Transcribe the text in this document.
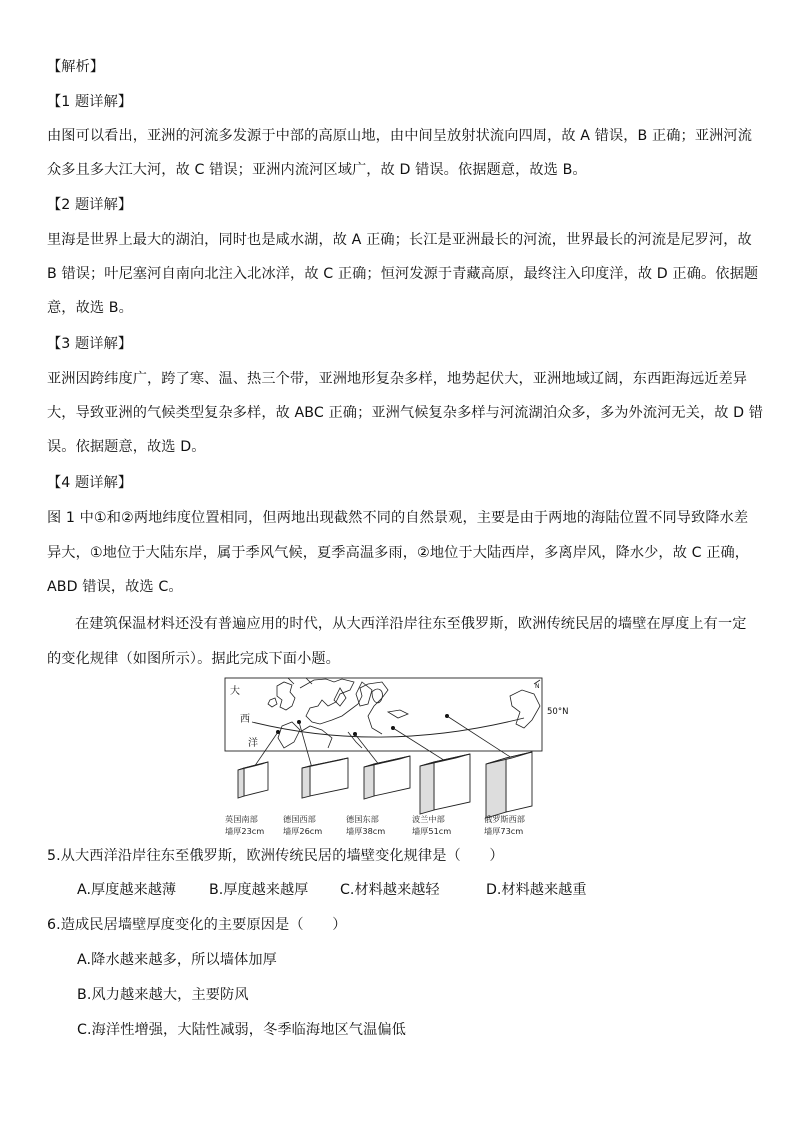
【解析】
【1 题详解】
由图可以看出，亚洲的河流多发源于中部的高原山地，由中间呈放射状流向四周，故 A 错误，B 正确；亚洲河流
众多且多大江大河，故 C 错误；亚洲内流河区域广，故 D 错误。依据题意，故选 B。
【2 题详解】
里海是世界上最大的湖泊，同时也是咸水湖，故 A 正确；长江是亚洲最长的河流，世界最长的河流是尼罗河，故
B 错误；叶尼塞河自南向北注入北冰洋，故 C 正确；恒河发源于青藏高原，最终注入印度洋，故 D 正确。依据题
意，故选 B。
【3 题详解】
亚洲因跨纬度广，跨了寒、温、热三个带，亚洲地形复杂多样，地势起伏大，亚洲地域辽阔，东西距海远近差异
大，导致亚洲的气候类型复杂多样，故 ABC 正确；亚洲气候复杂多样与河流湖泊众多，多为外流河无关，故 D 错
误。依据题意，故选 D。
【4 题详解】
图 1 中①和②两地纬度位置相同，但两地出现截然不同的自然景观，主要是由于两地的海陆位置不同导致降水差
异大，①地位于大陆东岸，属于季风气候，夏季高温多雨，②地位于大陆西岸，多离岸风，降水少，故 C 正确，
ABD 错误，故选 C。
在建筑保温材料还没有普遍应用的时代，从大西洋沿岸往东至俄罗斯，欧洲传统民居的墙壁在厚度上有一定
的变化规律（如图所示）。据此完成下面小题。
大
西
洋
50°N
N
英国南部
墙厚23cm
德国西部
墙厚26cm
德国东部
墙厚38cm
波兰中部
墙厚51cm
俄罗斯西部
墙厚73cm
5.从大西洋沿岸往东至俄罗斯，欧洲传统民居的墙壁变化规律是（　　）
A.厚度越来越薄 B.厚度越来越厚 C.材料越来越轻	D.材料越来越重
6.造成民居墙壁厚度变化的主要原因是（　　）
A.降水越来越多，所以墙体加厚
B.风力越来越大，主要防风
C.海洋性增强，大陆性减弱，冬季临海地区气温偏低
